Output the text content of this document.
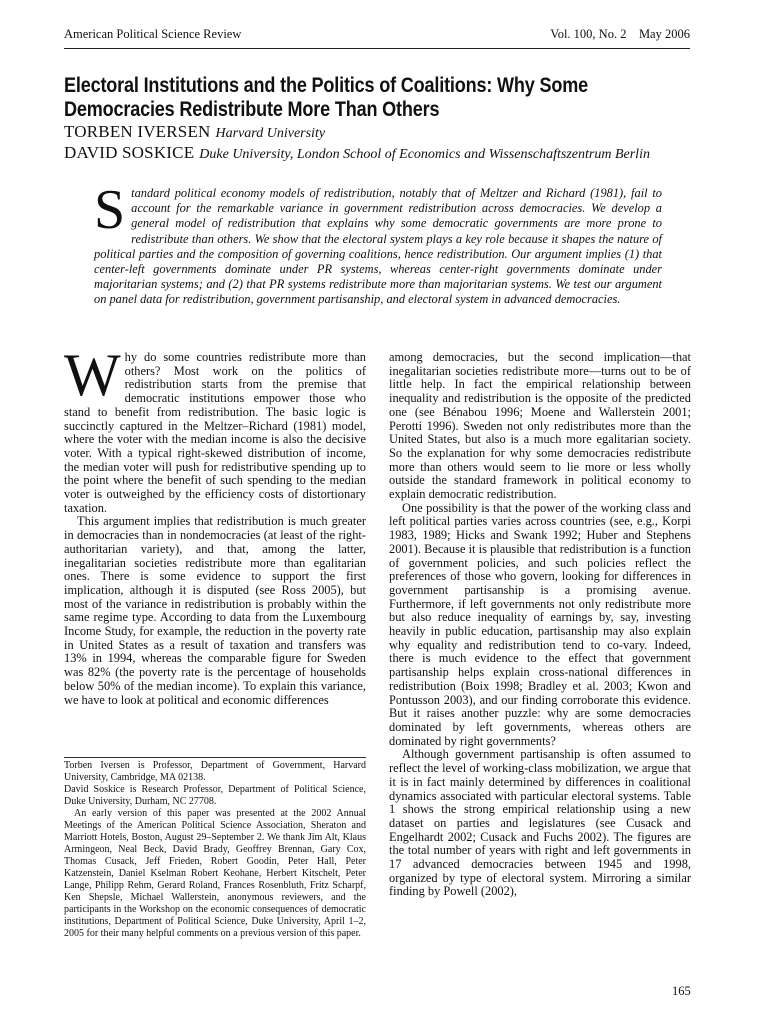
American Political Science Review	Vol. 100, No. 2    May 2006
Electoral Institutions and the Politics of Coalitions: Why Some Democracies Redistribute More Than Others
TORBEN IVERSEN Harvard University
DAVID SOSKICE Duke University, London School of Economics and Wissenschaftszentrum Berlin
Standard political economy models of redistribution, notably that of Meltzer and Richard (1981), fail to account for the remarkable variance in government redistribution across democracies. We develop a general model of redistribution that explains why some democratic governments are more prone to redistribute than others. We show that the electoral system plays a key role because it shapes the nature of political parties and the composition of governing coalitions, hence redistribution. Our argument implies (1) that center-left governments dominate under PR systems, whereas center-right governments dominate under majoritarian systems; and (2) that PR systems redistribute more than majoritarian systems. We test our argument on panel data for redistribution, government partisanship, and electoral system in advanced democracies.

Why do some countries redistribute more than others? Most work on the politics of redistribution starts from the premise that democratic institutions empower those who stand to benefit from redistribution. The basic logic is succinctly captured in the Meltzer–Richard (1981) model, where the voter with the median income is also the decisive voter. With a typical right-skewed distribution of income, the median voter will push for redistributive spending up to the point where the benefit of such spending to the median voter is outweighed by the efficiency costs of distortionary taxation.

This argument implies that redistribution is much greater in democracies than in nondemocracies (at least of the right-authoritarian variety), and that, among the latter, inegalitarian societies redistribute more than egalitarian ones. There is some evidence to support the first implication, although it is disputed (see Ross 2005), but most of the variance in redistribution is probably within the same regime type. According to data from the Luxembourg Income Study, for example, the reduction in the poverty rate in United States as a result of taxation and transfers was 13% in 1994, whereas the comparable figure for Sweden was 82% (the poverty rate is the percentage of households below 50% of the median income). To explain this variance, we have to look at political and economic differences

among democracies, but the second implication—that inegalitarian societies redistribute more—turns out to be of little help. In fact the empirical relationship between inequality and redistribution is the opposite of the predicted one (see Bénabou 1996; Moene and Wallerstein 2001; Perotti 1996). Sweden not only redistributes more than the United States, but also is a much more egalitarian society. So the explanation for why some democracies redistribute more than others would seem to lie more or less wholly outside the standard framework in political economy to explain democratic redistribution.

One possibility is that the power of the working class and left political parties varies across countries (see, e.g., Korpi 1983, 1989; Hicks and Swank 1992; Huber and Stephens 2001). Because it is plausible that redistribution is a function of government policies, and such policies reflect the preferences of those who govern, looking for differences in government partisanship is a promising avenue. Furthermore, if left governments not only redistribute more but also reduce inequality of earnings by, say, investing heavily in public education, partisanship may also explain why equality and redistribution tend to co-vary. Indeed, there is much evidence to the effect that government partisanship helps explain cross-national differences in redistribution (Boix 1998; Bradley et al. 2003; Kwon and Pontusson 2003), and our finding corroborate this evidence. But it raises another puzzle: why are some democracies dominated by left governments, whereas others are dominated by right governments?

Although government partisanship is often assumed to reflect the level of working-class mobilization, we argue that it is in fact mainly determined by differences in coalitional dynamics associated with particular electoral systems. Table 1 shows the strong empirical relationship using a new dataset on parties and legislatures (see Cusack and Engelhardt 2002; Cusack and Fuchs 2002). The figures are the total number of years with right and left governments in 17 advanced democracies between 1945 and 1998, organized by type of electoral system. Mirroring a similar finding by Powell (2002),

Torben Iversen is Professor, Department of Government, Harvard University, Cambridge, MA 02138.

David Soskice is Research Professor, Department of Political Science, Duke University, Durham, NC 27708.

An early version of this paper was presented at the 2002 Annual Meetings of the American Political Science Association, Sheraton and Marriott Hotels, Boston, August 29–September 2. We thank Jim Alt, Klaus Armingeon, Neal Beck, David Brady, Geoffrey Brennan, Gary Cox, Thomas Cusack, Jeff Frieden, Robert Goodin, Peter Hall, Peter Katzenstein, Daniel Kselman Robert Keohane, Herbert Kitschelt, Peter Lange, Philipp Rehm, Gerard Roland, Frances Rosenbluth, Fritz Scharpf, Ken Shepsle, Michael Wallerstein, anonymous reviewers, and the participants in the Workshop on the economic consequences of democratic institutions, Department of Political Science, Duke University, April 1–2, 2005 for their many helpful comments on a previous version of this paper.

165
